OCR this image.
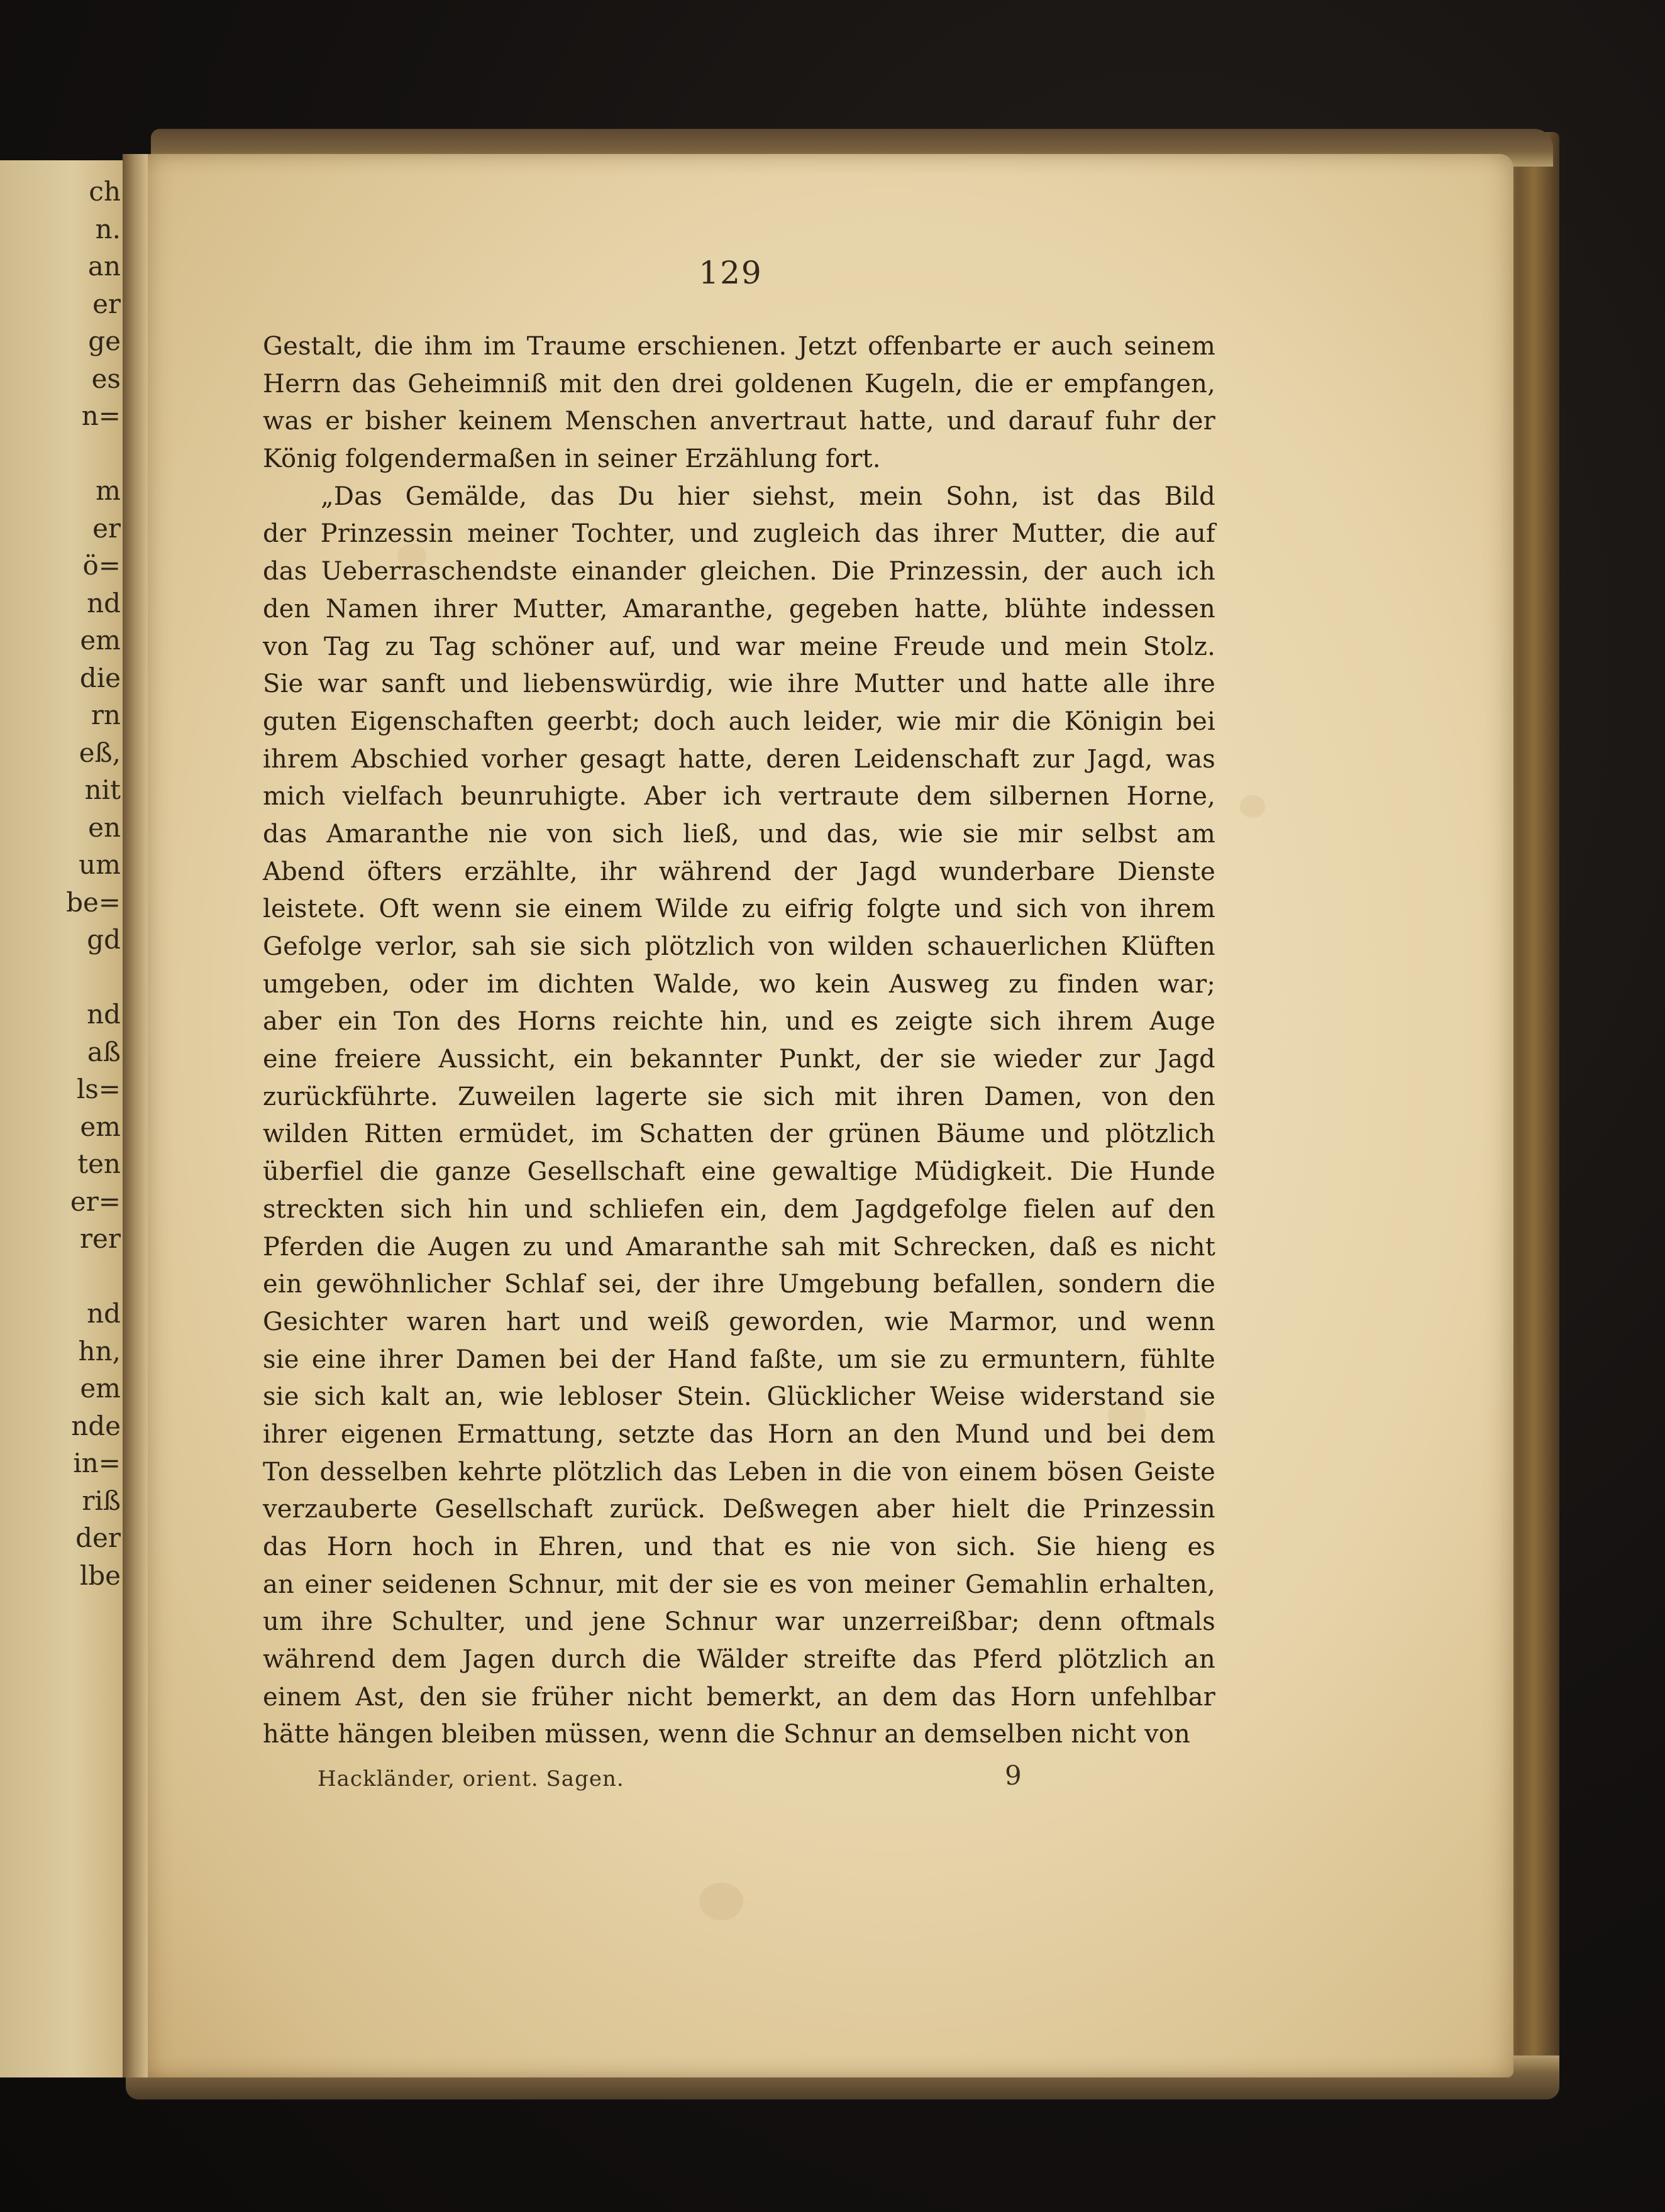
ch
n.
an
er
ge
es
n=
m
er
ö=
nd
em
die
rn
eß,
nit
en
um
be=
gd
nd
aß
ls=
em
ten
er=
rer
nd
hn,
em
nde
in=
riß
der
lbe
129
Gestalt, die ihm im Traume erschienen. Jetzt offenbarte er auch seinem
Herrn das Geheimniß mit den drei goldenen Kugeln, die er empfangen,
was er bisher keinem Menschen anvertraut hatte, und darauf fuhr der
König folgendermaßen in seiner Erzählung fort.
„Das Gemälde, das Du hier siehst, mein Sohn, ist das Bild
der Prinzessin meiner Tochter, und zugleich das ihrer Mutter, die auf
das Ueberraschendste einander gleichen. Die Prinzessin, der auch ich
den Namen ihrer Mutter, Amaranthe, gegeben hatte, blühte indessen
von Tag zu Tag schöner auf, und war meine Freude und mein Stolz.
Sie war sanft und liebenswürdig, wie ihre Mutter und hatte alle ihre
guten Eigenschaften geerbt; doch auch leider, wie mir die Königin bei
ihrem Abschied vorher gesagt hatte, deren Leidenschaft zur Jagd, was
mich vielfach beunruhigte. Aber ich vertraute dem silbernen Horne,
das Amaranthe nie von sich ließ, und das, wie sie mir selbst am
Abend öfters erzählte, ihr während der Jagd wunderbare Dienste
leistete. Oft wenn sie einem Wilde zu eifrig folgte und sich von ihrem
Gefolge verlor, sah sie sich plötzlich von wilden schauerlichen Klüften
umgeben, oder im dichten Walde, wo kein Ausweg zu finden war;
aber ein Ton des Horns reichte hin, und es zeigte sich ihrem Auge
eine freiere Aussicht, ein bekannter Punkt, der sie wieder zur Jagd
zurückführte. Zuweilen lagerte sie sich mit ihren Damen, von den
wilden Ritten ermüdet, im Schatten der grünen Bäume und plötzlich
überfiel die ganze Gesellschaft eine gewaltige Müdigkeit. Die Hunde
streckten sich hin und schliefen ein, dem Jagdgefolge fielen auf den
Pferden die Augen zu und Amaranthe sah mit Schrecken, daß es nicht
ein gewöhnlicher Schlaf sei, der ihre Umgebung befallen, sondern die
Gesichter waren hart und weiß geworden, wie Marmor, und wenn
sie eine ihrer Damen bei der Hand faßte, um sie zu ermuntern, fühlte
sie sich kalt an, wie lebloser Stein. Glücklicher Weise widerstand sie
ihrer eigenen Ermattung, setzte das Horn an den Mund und bei dem
Ton desselben kehrte plötzlich das Leben in die von einem bösen Geiste
verzauberte Gesellschaft zurück. Deßwegen aber hielt die Prinzessin
das Horn hoch in Ehren, und that es nie von sich. Sie hieng es
an einer seidenen Schnur, mit der sie es von meiner Gemahlin erhalten,
um ihre Schulter, und jene Schnur war unzerreißbar; denn oftmals
während dem Jagen durch die Wälder streifte das Pferd plötzlich an
einem Ast, den sie früher nicht bemerkt, an dem das Horn unfehlbar
hätte hängen bleiben müssen, wenn die Schnur an demselben nicht von
Hackländer, orient. Sagen.	9
